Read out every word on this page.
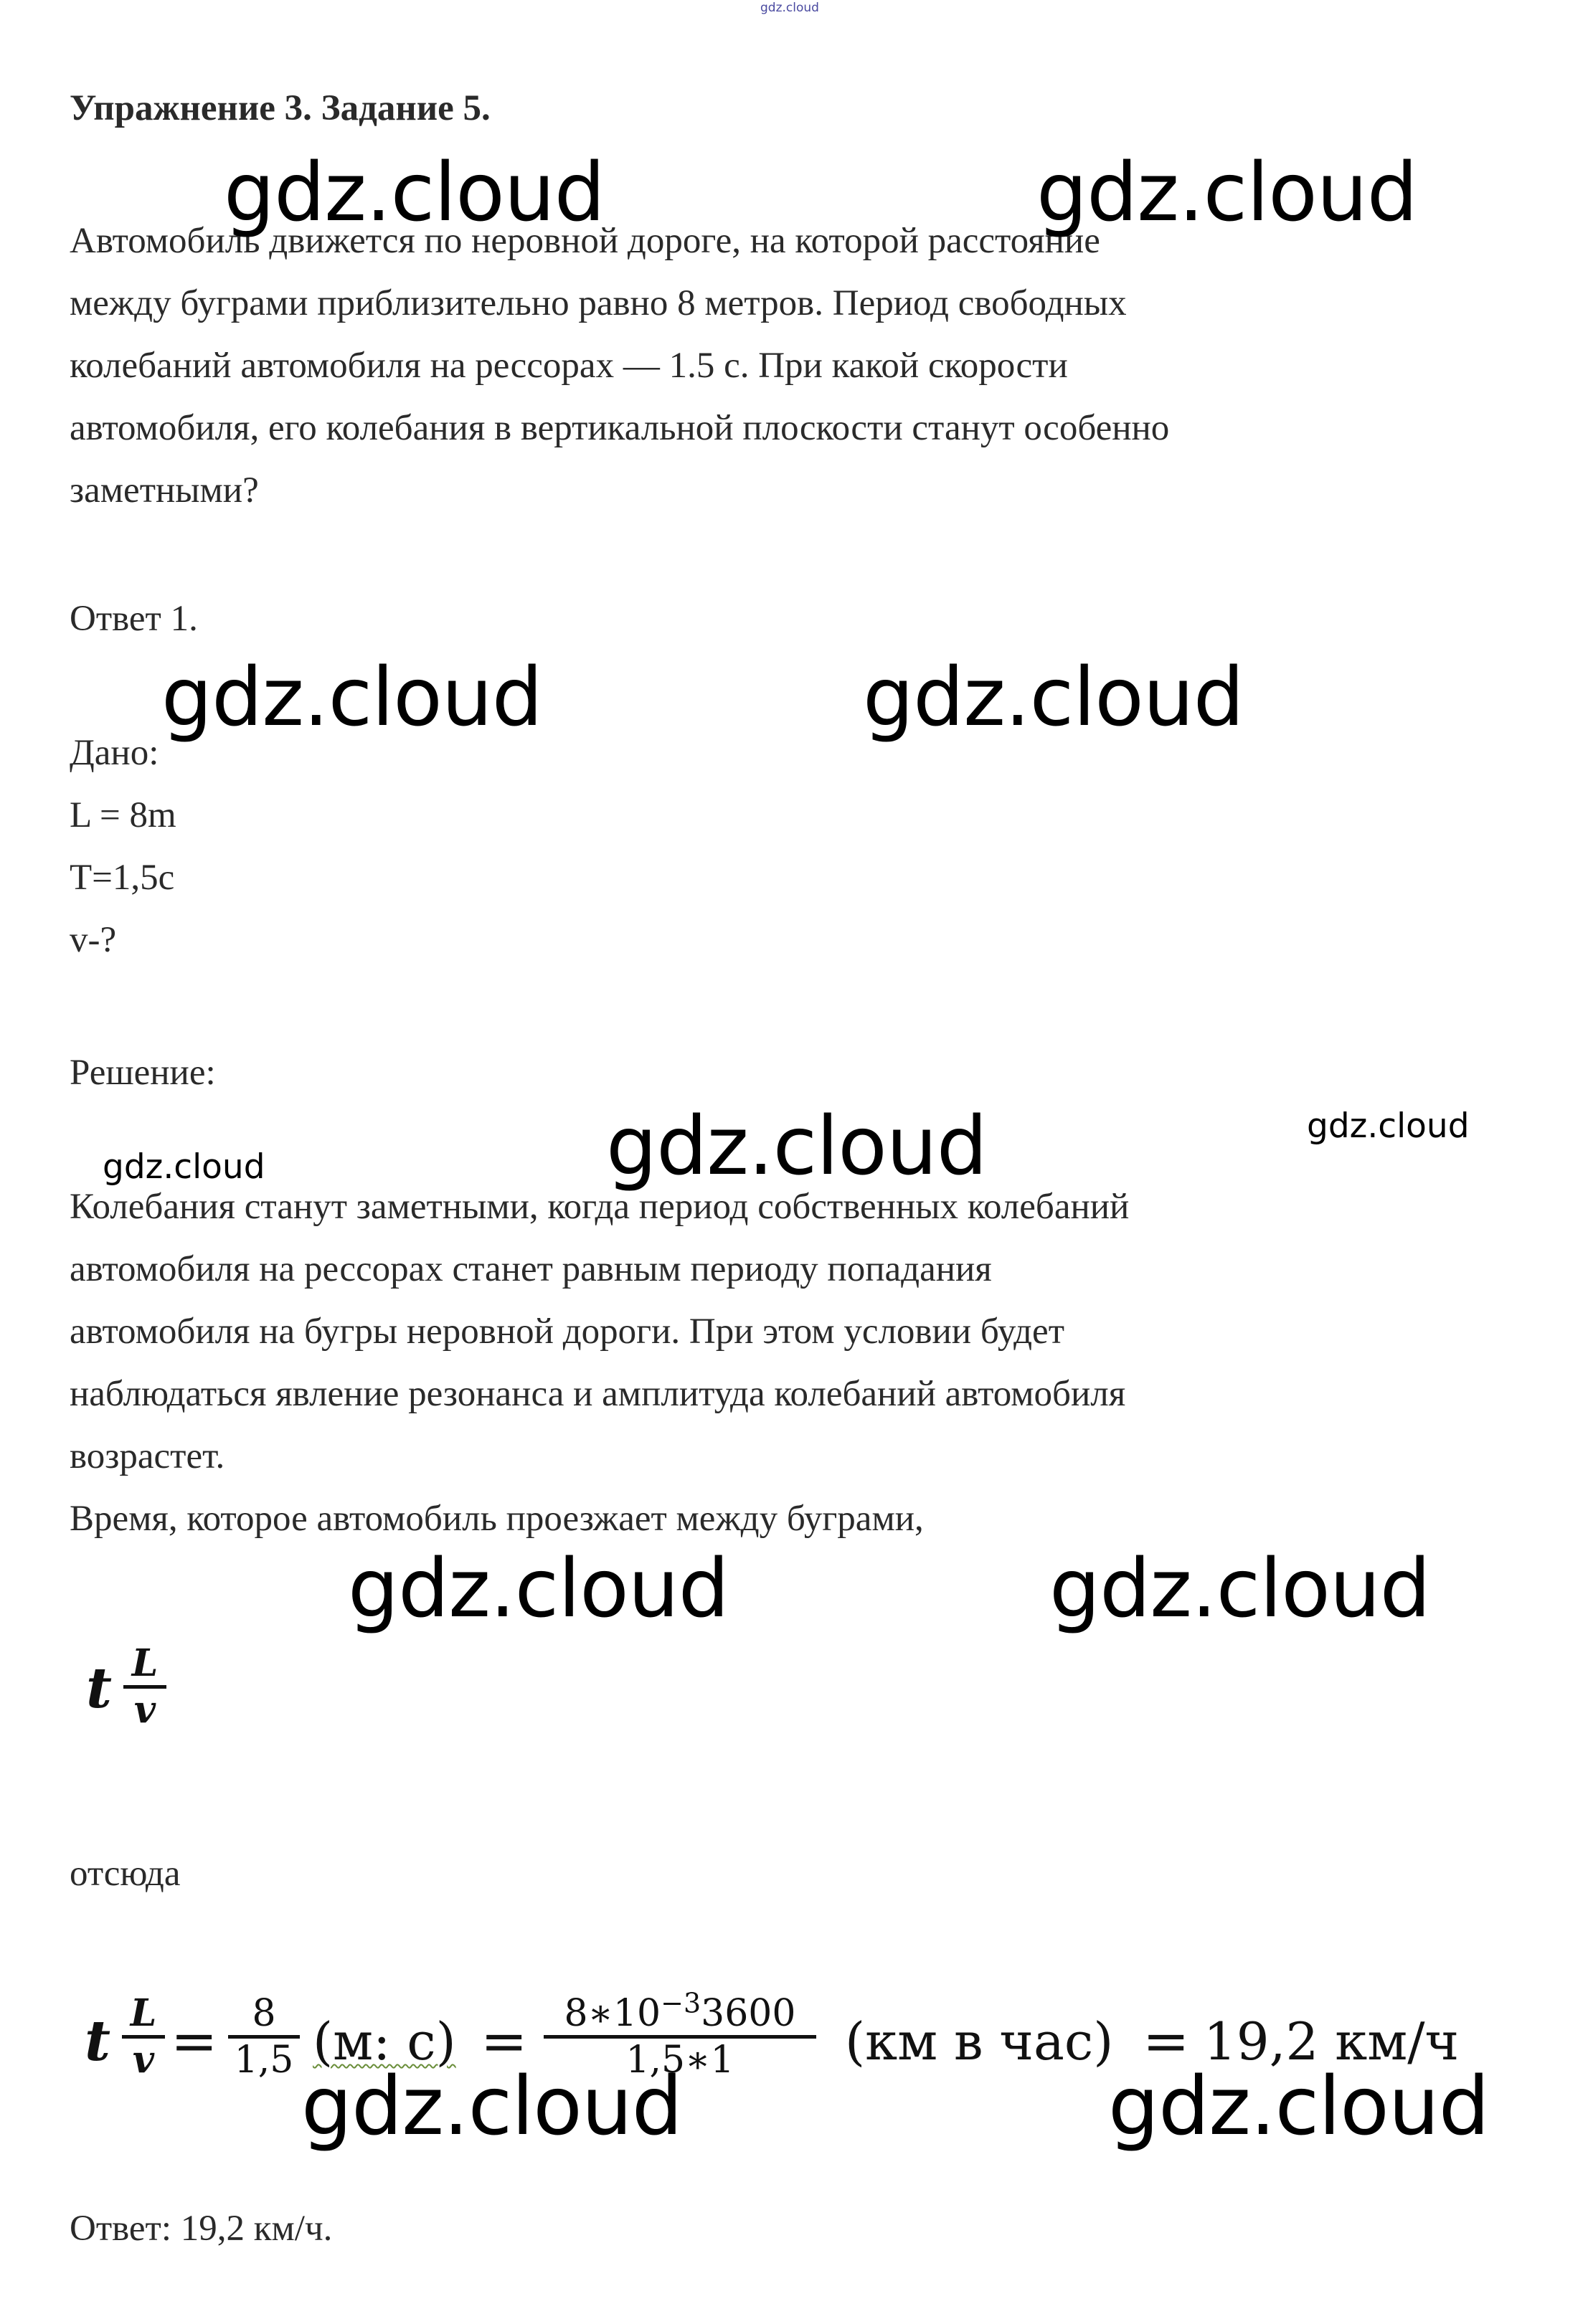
gdz.cloud
Упражнение 3. Задание 5.
Автомобиль движется по неровной дороге, на которой расстояние
между буграми приблизительно равно 8 метров. Период свободных
колебаний автомобиля на рессорах — 1.5 с. При какой скорости
автомобиля, его колебания в вертикальной плоскости станут особенно
заметными?
Ответ 1.
Дано:
L = 8m
T=1,5c
v-?
Решение:
Колебания станут заметными, когда период собственных колебаний
автомобиля на рессорах станет равным периоду попадания
автомобиля на бугры неровной дороги. При этом условии будет
наблюдаться явление резонанса и амплитуда колебаний автомобиля
возрастет.
Время, которое автомобиль проезжает между буграми,
t L
v
отсюда
t L
v = 8
1,5 (м: $с) = 8∗10^{-3}3600$
1,5∗1	(км в час) = 19,2 км/ч
Ответ: 19,2 км/ч.
gdz.cloud	gdz.cloud
gdz.cloud	gdz.cloud
gdz.cloud	gdz.cloud	gdz.cloud
gdz.cloud	gdz.cloud
gdz.cloud	gdz.cloud
